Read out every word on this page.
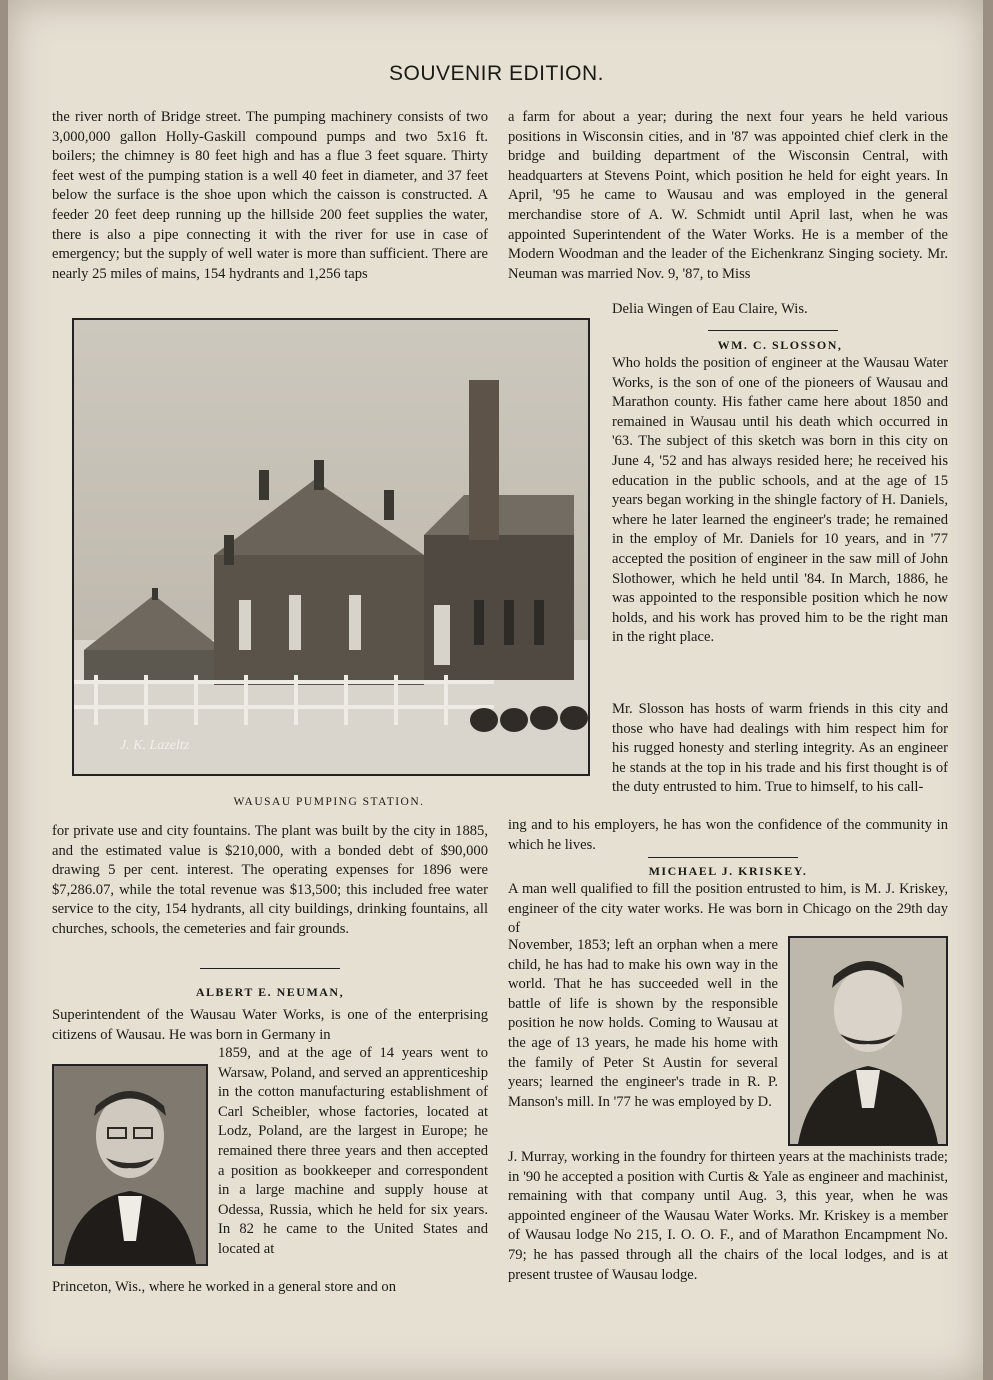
SOUVENIR EDITION.

the river north of Bridge street. The pumping machinery consists of two 3,000,000 gallon Holly-Gaskill compound pumps and two 5x16 ft. boilers; the chimney is 80 feet high and has a flue 3 feet square. Thirty feet west of the pumping station is a well 40 feet in diameter, and 37 feet below the surface is the shoe upon which the caisson is constructed. A feeder 20 feet deep running up the hillside 200 feet supplies the water, there is also a pipe connecting it with the river for use in case of emergency; but the supply of well water is more than sufficient. There are nearly 25 miles of mains, 154 hydrants and 1,256 taps

J. K. Lazeltz
WAUSAU PUMPING STATION.

for private use and city fountains. The plant was built by the city in 1885, and the estimated value is $210,000, with a bonded debt of $90,000 drawing 5 per cent. interest. The operating expenses for 1896 were $7,286.07, while the total revenue was $13,500; this included free water service to the city, 154 hydrants, all city buildings, drinking fountains, all churches, schools, the cemeteries and fair grounds.

ALBERT E. NEUMAN,

Superintendent of the Wausau Water Works, is one of the enterprising citizens of Wausau. He was born in Germany in

1859, and at the age of 14 years went to Warsaw, Poland, and served an apprenticeship in the cotton manufacturing establishment of Carl Scheibler, whose factories, located at Lodz, Poland, are the largest in Europe; he remained there three years and then accepted a position as bookkeeper and correspondent in a large machine and supply house at Odessa, Russia, which he held for six years. In 82 he came to the United States and located at

Princeton, Wis., where he worked in a general store and on

a farm for about a year; during the next four years he held various positions in Wisconsin cities, and in '87 was appointed chief clerk in the bridge and building department of the Wisconsin Central, with headquarters at Stevens Point, which position he held for eight years. In April, '95 he came to Wausau and was employed in the general merchandise store of A. W. Schmidt until April last, when he was appointed Superintendent of the Water Works. He is a member of the Modern Woodman and the leader of the Eichenkranz Singing society. Mr. Neuman was married Nov. 9, '87, to Miss

Delia Wingen of Eau Claire, Wis.

WM. C. SLOSSON,

Who holds the position of engineer at the Wausau Water Works, is the son of one of the pioneers of Wausau and Marathon county. His father came here about 1850 and remained in Wausau until his death which occurred in '63. The subject of this sketch was born in this city on June 4, '52 and has always resided here; he received his education in the public schools, and at the age of 15 years began working in the shingle factory of H. Daniels, where he later learned the engineer's trade; he remained in the employ of Mr. Daniels for 10 years, and in '77 accepted the position of engineer in the saw mill of John Slothower, which he held until '84. In March, 1886, he was appointed to the responsible position which he now holds, and his work has proved him to be the right man in the right place.

Mr. Slosson has hosts of warm friends in this city and those who have had dealings with him respect him for his rugged honesty and sterling integrity. As an engineer he stands at the top in his trade and his first thought is of the duty entrusted to him. True to himself, to his call-

ing and to his employers, he has won the confidence of the community in which he lives.

MICHAEL J. KRISKEY.

A man well qualified to fill the position entrusted to him, is M. J. Kriskey, engineer of the city water works. He was born in Chicago on the 29th day of

November, 1853; left an orphan when a mere child, he has had to make his own way in the world. That he has succeeded well in the battle of life is shown by the responsible position he now holds. Coming to Wausau at the age of 13 years, he made his home with the family of Peter St Austin for several years; learned the engineer's trade in R. P. Manson's mill. In '77 he was employed by D.

J. Murray, working in the foundry for thirteen years at the machinists trade; in '90 he accepted a position with Curtis & Yale as engineer and machinist, remaining with that company until Aug. 3, this year, when he was appointed engineer of the Wausau Water Works. Mr. Kriskey is a member of Wausau lodge No 215, I. O. O. F., and of Marathon Encampment No. 79; he has passed through all the chairs of the local lodges, and is at present trustee of Wausau lodge.
